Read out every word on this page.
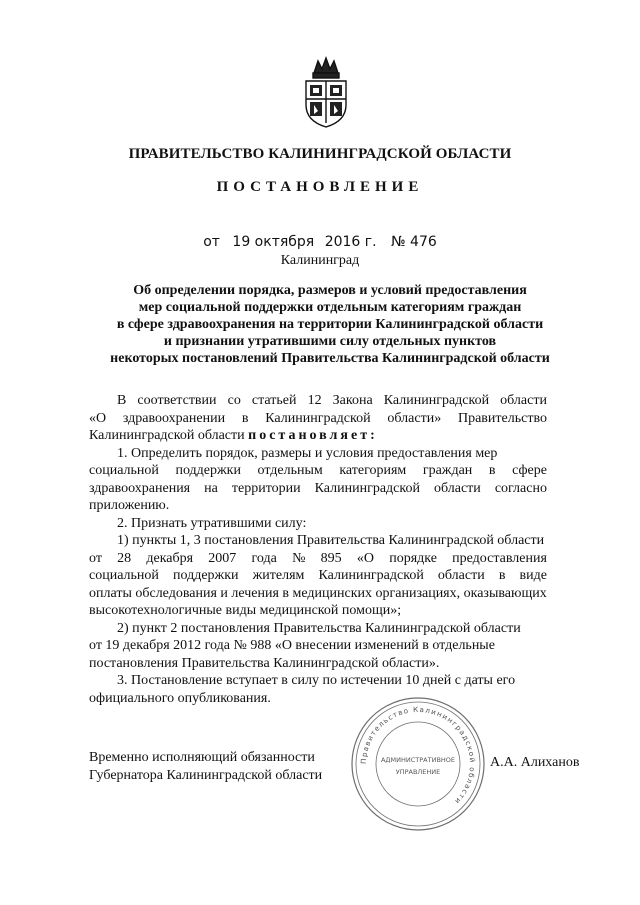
ПРАВИТЕЛЬСТВО КАЛИНИНГРАДСКОЙ ОБЛАСТИ
ПОСТАНОВЛЕНИЕ
от 19 октября 2016 г. № 476
Калининград
Об определении порядка, размеров и условий предоставления
мер социальной поддержки отдельным категориям граждан
в сфере здравоохранения на территории Калининградской области
и признании утратившими силу отдельных пунктов
некоторых постановлений Правительства Калининградской области
В соответствии со статьей 12 Закона Калининградской области
«О здравоохранении в Калининградской области» Правительство
Калининградской области постановляет:
1. Определить порядок, размеры и условия предоставления мер
социальной поддержки отдельным категориям граждан в сфере
здравоохранения на территории Калининградской области согласно
приложению.
2. Признать утратившими силу:
1) пункты 1, 3 постановления Правительства Калининградской области
от 28 декабря 2007 года № 895 «О порядке предоставления
социальной поддержки жителям Калининградской области в виде
оплаты обследования и лечения в медицинских организациях, оказывающих
высокотехнологичные виды медицинской помощи»;
2) пункт 2 постановления Правительства Калининградской области
от 19 декабря 2012 года № 988 «О внесении изменений в отдельные
постановления Правительства Калининградской области».
3. Постановление вступает в силу по истечении 10 дней с даты его
официального опубликования.
Временно исполняющий обязанности
Губернатора Калининградской области
Правительство Калининградской области
АДМИНИСТРАТИВНОЕ
УПРАВЛЕНИЕ
А.А. Алиханов
